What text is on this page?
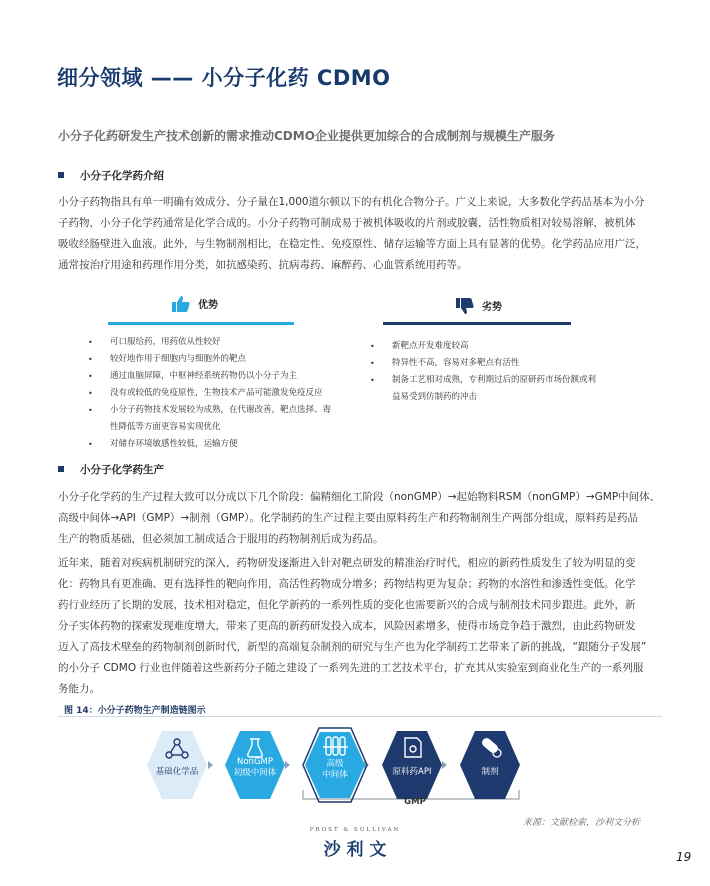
细分领域 —— 小分子化药 CDMO
小分子化药研发生产技术创新的需求推动CDMO企业提供更加综合的合成制剂与规模生产服务
小分子化学药介绍
小分子药物指具有单一明确有效成分、分子量在1,000道尔顿以下的有机化合物分子。广义上来说，大多数化学药品基本为小分
子药物，小分子化学药通常是化学合成的。小分子药物可制成易于被机体吸收的片剂或胶囊，活性物质相对较易溶解，被机体
吸收经肠壁进入血液。此外，与生物制剂相比，在稳定性、免疫原性、储存运输等方面上具有显著的优势。化学药品应用广泛，
通常按治疗用途和药理作用分类，如抗感染药、抗病毒药、麻醉药、心血管系统用药等。
优势
• 可口服给药，用药依从性较好
• 较好地作用于细胞内与细胞外的靶点
• 通过血脑屏障，中枢神经系统药物仍以小分子为主
• 没有或较低的免疫原性，生物技术产品可能激发免疫反应
• 小分子药物技术发展较为成熟，在代谢改善，靶点选择、毒
性降低等方面更容易实现优化
• 对储存环境敏感性较低，运输方便
劣势
• 新靶点开发难度较高
• 特异性不高，容易对多靶点有活性
• 制备工艺相对成熟，专利期过后的原研药市场份额或利
益易受到仿制药的冲击
小分子化学药生产
小分子化学药的生产过程大致可以分成以下几个阶段：偏精细化工阶段（nonGMP）→起始物料RSM（nonGMP）→GMP中间体、
高级中间体→API（GMP）→制剂（GMP）。化学制药的生产过程主要由原料药生产和药物制剂生产两部分组成，原料药是药品
生产的物质基础，但必须加工制成适合于服用的药物制剂后成为药品。
近年来，随着对疾病机制研究的深入，药物研发逐渐进入针对靶点研发的精准治疗时代，相应的新药性质发生了较为明显的变
化：药物具有更准确、更有选择性的靶向作用，高活性药物成分增多；药物结构更为复杂；药物的水溶性和渗透性变低。化学
药行业经历了长期的发展，技术相对稳定，但化学新药的一系列性质的变化也需要新兴的合成与制剂技术同步跟进。此外，新
分子实体药物的探索发现难度增大，带来了更高的新药研发投入成本，风险因素增多，使得市场竞争趋于激烈，由此药物研发
迈入了高技术壁垒的药物制剂创新时代，新型的高端复杂制剂的研究与生产也为化学制药工艺带来了新的挑战，“跟随分子发展”
的小分子 CDMO 行业也伴随着这些新药分子随之建设了一系列先进的工艺技术平台，扩充其从实验室到商业化生产的一系列服
务能力。
图 14：小分子药物生产制造链图示
基础化学品
NonGMP
初级中间体
高级
中间体	原料药API	制剂
GMP
来源：文献检索，沙利文分析
FROST & SULLIVAN
沙 利 文	19
